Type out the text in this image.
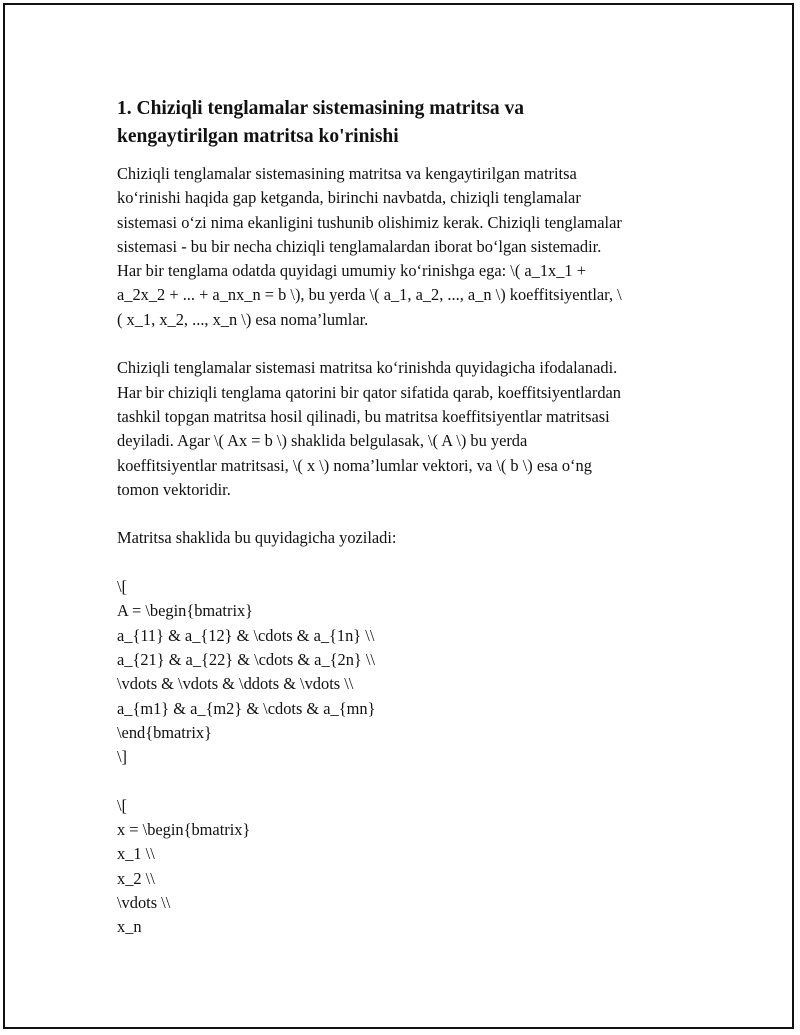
1. Chiziqli tenglamalar sistemasining matritsa va
kengaytirilgan matritsa ko'rinishi
Chiziqli tenglamalar sistemasining matritsa va kengaytirilgan matritsa
ko‘rinishi haqida gap ketganda, birinchi navbatda, chiziqli tenglamalar
sistemasi o‘zi nima ekanligini tushunib olishimiz kerak. Chiziqli tenglamalar
sistemasi - bu bir necha chiziqli tenglamalardan iborat bo‘lgan sistemadir.
Har bir tenglama odatda quyidagi umumiy ko‘rinishga ega: \( a_1x_1 +
a_2x_2 + ... + a_nx_n = b \), bu yerda \( a_1, a_2, ..., a_n \) koeffitsiyentlar, \
( x_1, x_2, ..., x_n \) esa noma’lumlar.
Chiziqli tenglamalar sistemasi matritsa ko‘rinishda quyidagicha ifodalanadi.
Har bir chiziqli tenglama qatorini bir qator sifatida qarab, koeffitsiyentlardan
tashkil topgan matritsa hosil qilinadi, bu matritsa koeffitsiyentlar matritsasi
deyiladi. Agar \( Ax = b \) shaklida belgulasak, \( A \) bu yerda
koeffitsiyentlar matritsasi, \( x \) noma’lumlar vektori, va \( b \) esa o‘ng
tomon vektoridir.
Matritsa shaklida bu quyidagicha yoziladi:
\[
A = \begin{bmatrix}
a_{11} & a_{12} & \cdots & a_{1n} \\
a_{21} & a_{22} & \cdots & a_{2n} \\
\vdots & \vdots & \ddots & \vdots \\
a_{m1} & a_{m2} & \cdots & a_{mn}
\end{bmatrix}
\]
\[
x = \begin{bmatrix}
x_1 \\
x_2 \\
\vdots \\
x_n
